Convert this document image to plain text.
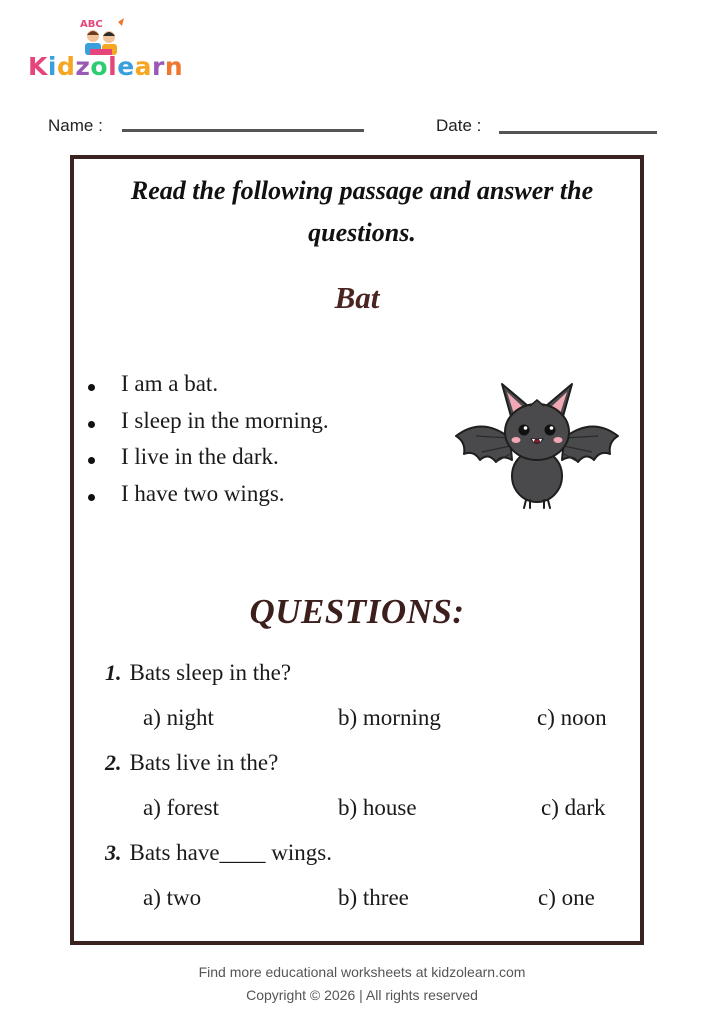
ABC
Kidzolearn
Name :	Date :
Read the following passage and answer the questions.
Bat
I am a bat.
I sleep in the morning.
I live in the dark.
I have two wings.
QUESTIONS:
1. Bats sleep in the?
a) night	b) morning	c) noon
2. Bats live in the?
a) forest	b) house	c) dark
3. Bats have____ wings.
a) two	b) three	c) one
Find more educational worksheets at kidzolearn.com
Copyright © 2026 | All rights reserved
